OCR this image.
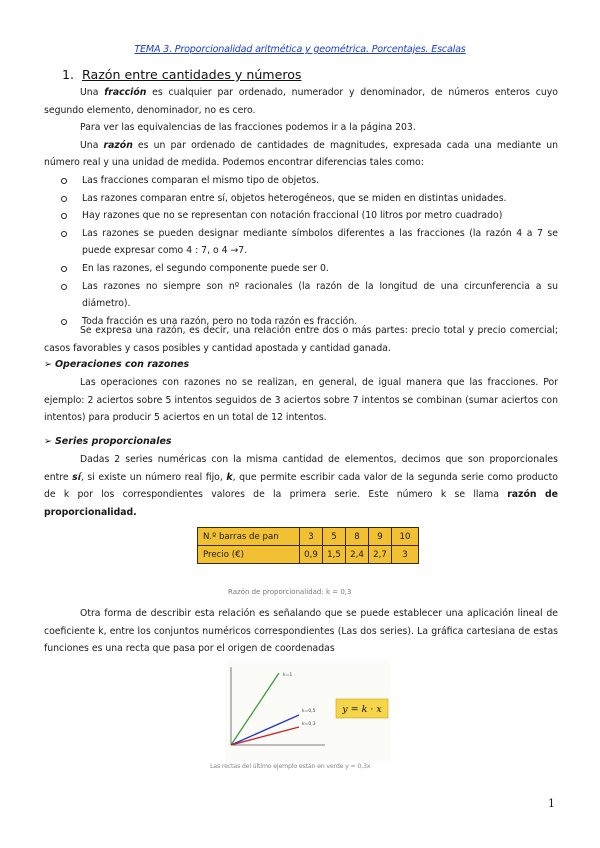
TEMA 3. Proporcionalidad aritmética y geométrica. Porcentajes. Escalas
1. Razón entre cantidades y números

Una fracción es cualquier par ordenado, numerador y denominador, de números enteros cuyo segundo elemento, denominador, no es cero.

Para ver las equivalencias de las fracciones podemos ir a la página 203.

Una razón es un par ordenado de cantidades de magnitudes, expresada cada una mediante un número real y una unidad de medida. Podemos encontrar diferencias tales como:

Las fracciones comparan el mismo tipo de objetos.
Las razones comparan entre sí, objetos heterogéneos, que se miden en distintas unidades.
Hay razones que no se representan con notación fraccional (10 litros por metro cuadrado)
Las razones se pueden designar mediante símbolos diferentes a las fracciones (la razón 4 a 7 se puede expresar como 4 : 7, o 4 →7.
En las razones, el segundo componente puede ser 0.
Las razones no siempre son nº racionales (la razón de la longitud de una circunferencia a su diámetro).
Toda fracción es una razón, pero no toda razón es fracción.

Se expresa una razón, es decir, una relación entre dos o más partes: precio total y precio comercial; casos favorables y casos posibles y cantidad apostada y cantidad ganada.

➢ Operaciones con razones

Las operaciones con razones no se realizan, en general, de igual manera que las fracciones. Por ejemplo: 2 aciertos sobre 5 intentos seguidos de 3 aciertos sobre 7 intentos se combinan (sumar aciertos con intentos) para producir 5 aciertos en un total de 12 intentos.

➢ Series proporcionales

Dadas 2 series numéricas con la misma cantidad de elementos, decimos que son proporcionales entre sí, si existe un número real fijo, k, que permite escribir cada valor de la segunda serie como producto de k por los correspondientes valores de la primera serie. Este número k se llama razón de proporcionalidad.

N.º barras de pan	3	5	8	9	10
Precio (€)	0,9	1,5	2,4	2,7	3
Razón de proporcionalidad: k = 0,3

Otra forma de describir esta relación es señalando que se puede establecer una aplicación lineal de coeficiente k, entre los conjuntos numéricos correspondientes (Las dos series). La gráfica cartesiana de estas funciones es una recta que pasa por el origen de coordenadas

k=1
k=0,5
k=0,3
y = k · x
Las rectas del último ejemplo están en verde y = 0,3x
1
